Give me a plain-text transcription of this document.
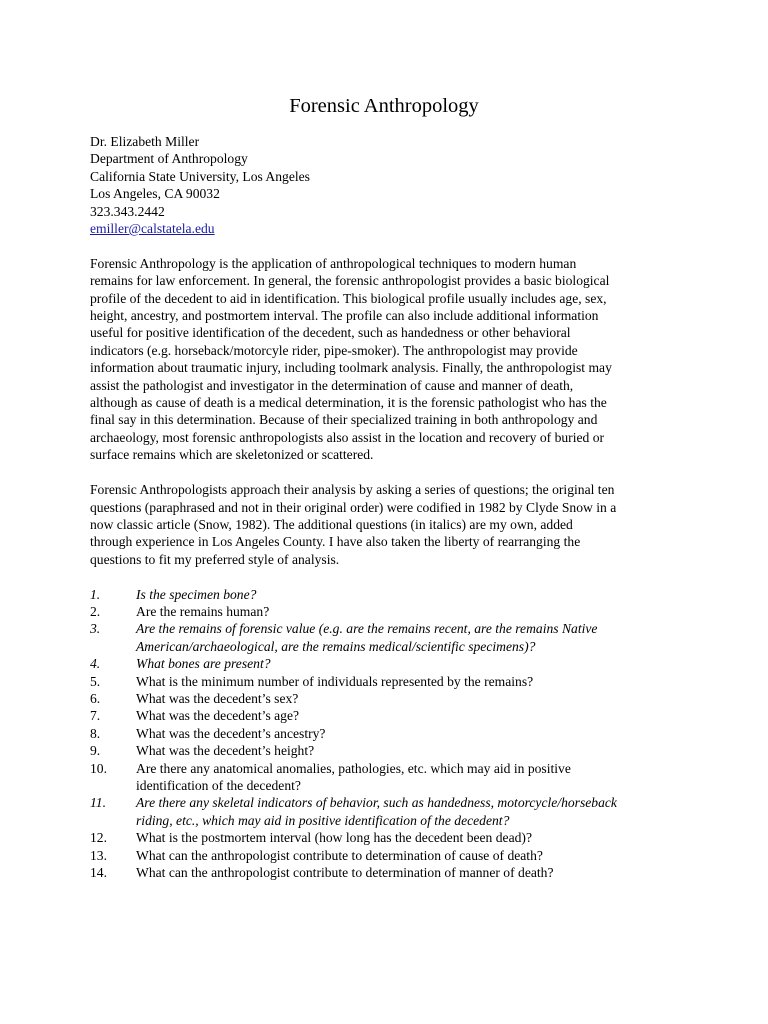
Forensic Anthropology
Dr. Elizabeth Miller
Department of Anthropology
California State University, Los Angeles
Los Angeles, CA 90032
323.343.2442
emiller@calstatela.edu
Forensic Anthropology is the application of anthropological techniques to modern human
remains for law enforcement. In general, the forensic anthropologist provides a basic biological
profile of the decedent to aid in identification. This biological profile usually includes age, sex,
height, ancestry, and postmortem interval. The profile can also include additional information
useful for positive identification of the decedent, such as handedness or other behavioral
indicators (e.g. horseback/motorcyle rider, pipe-smoker). The anthropologist may provide
information about traumatic injury, including toolmark analysis. Finally, the anthropologist may
assist the pathologist and investigator in the determination of cause and manner of death,
although as cause of death is a medical determination, it is the forensic pathologist who has the
final say in this determination. Because of their specialized training in both anthropology and
archaeology, most forensic anthropologists also assist in the location and recovery of buried or
surface remains which are skeletonized or scattered.
Forensic Anthropologists approach their analysis by asking a series of questions; the original ten
questions (paraphrased and not in their original order) were codified in 1982 by Clyde Snow in a
now classic article (Snow, 1982). The additional questions (in italics) are my own, added
through experience in Los Angeles County. I have also taken the liberty of rearranging the
questions to fit my preferred style of analysis.
1.	Is the specimen bone?
2.	Are the remains human?
3.	Are the remains of forensic value (e.g. are the remains recent, are the remains Native
American/archaeological, are the remains medical/scientific specimens)?
4.	What bones are present?
5.	What is the minimum number of individuals represented by the remains?
6.	What was the decedent’s sex?
7.	What was the decedent’s age?
8.	What was the decedent’s ancestry?
9.	What was the decedent’s height?
10. Are there any anatomical anomalies, pathologies, etc. which may aid in positive
identification of the decedent?
11. Are there any skeletal indicators of behavior, such as handedness, motorcycle/horseback
riding, etc., which may aid in positive identification of the decedent?
12. What is the postmortem interval (how long has the decedent been dead)?
13. What can the anthropologist contribute to determination of cause of death?
14. What can the anthropologist contribute to determination of manner of death?
